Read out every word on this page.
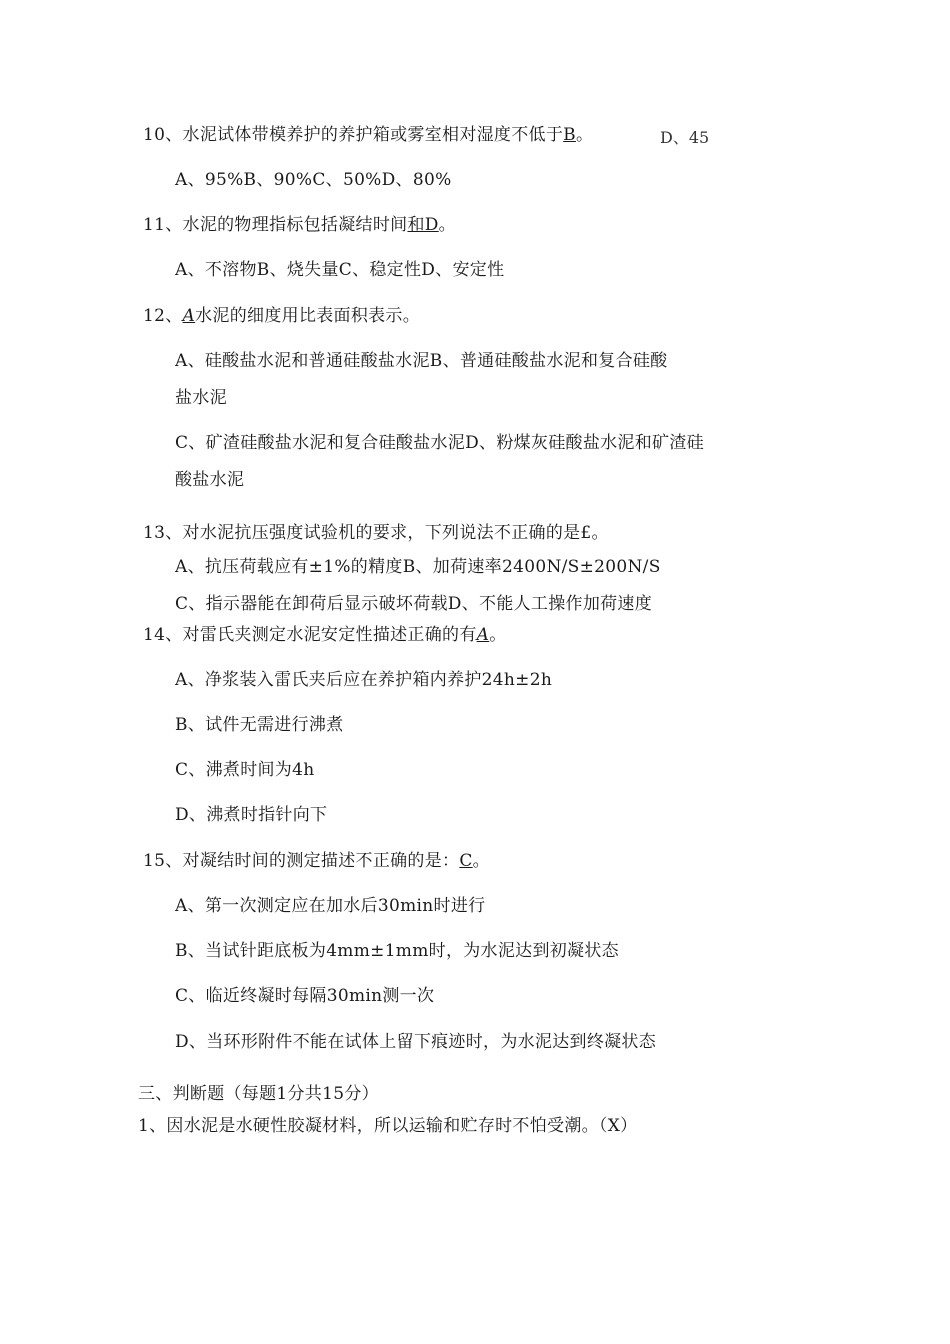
10、水泥试体带模养护的养护箱或雾室相对湿度不低于B。	D、45
A、95%B、90%C、50%D、80%
11、水泥的物理指标包括凝结时间和D。
A、不溶物B、烧失量C、稳定性D、安定性
12、A水泥的细度用比表面积表示。
A、硅酸盐水泥和普通硅酸盐水泥B、普通硅酸盐水泥和复合硅酸
盐水泥
C、矿渣硅酸盐水泥和复合硅酸盐水泥D、粉煤灰硅酸盐水泥和矿渣硅
酸盐水泥
13、对水泥抗压强度试验机的要求，下列说法不正确的是£。
A、抗压荷载应有±1%的精度B、加荷速率2400N/S±200N/S
C、指示器能在卸荷后显示破坏荷载D、不能人工操作加荷速度
14、对雷氏夹测定水泥安定性描述正确的有A。
A、净浆装入雷氏夹后应在养护箱内养护24h±2h
B、试件无需进行沸煮
C、沸煮时间为4h
D、沸煮时指针向下
15、对凝结时间的测定描述不正确的是：C。
A、第一次测定应在加水后30min时进行
B、当试针距底板为4mm±1mm时，为水泥达到初凝状态
C、临近终凝时每隔30min测一次
D、当环形附件不能在试体上留下痕迹时，为水泥达到终凝状态
三、判断题（每题1分共15分）
1、因水泥是水硬性胶凝材料，所以运输和贮存时不怕受潮。（X）
